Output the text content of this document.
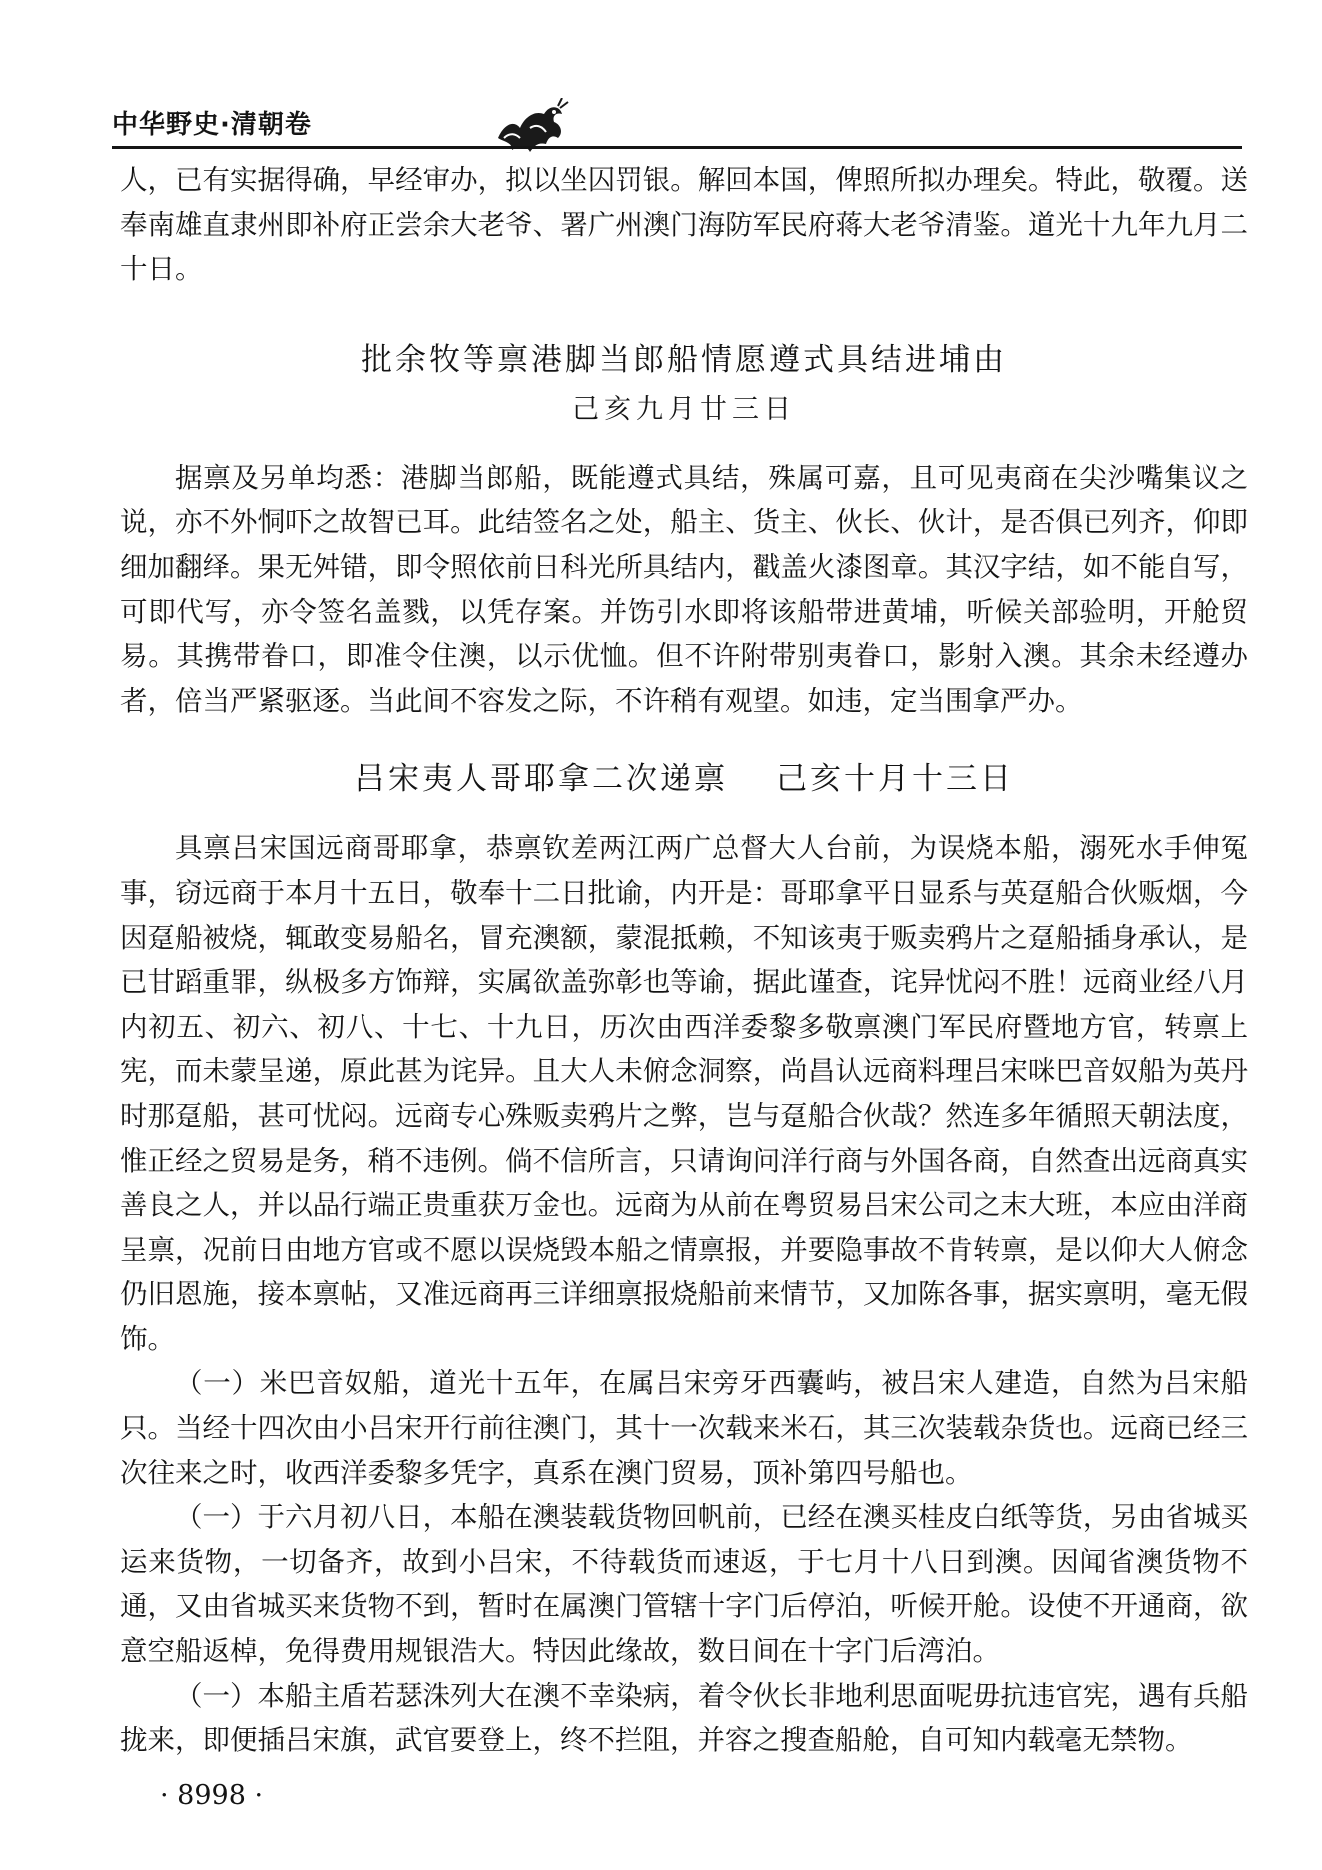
中华野史·清朝卷

人，已有实据得确，早经审办，拟以坐囚罚银。解回本国，俾照所拟办理矣。特此，敬覆。送奉南雄直隶州即补府正尝余大老爷、署广州澳门海防军民府蒋大老爷清鉴。道光十九年九月二十日。

批余牧等禀港脚当郎船情愿遵式具结进埔由

己亥九月廿三日

据禀及另单均悉：港脚当郎船，既能遵式具结，殊属可嘉，且可见夷商在尖沙嘴集议之说，亦不外恫吓之故智已耳。此结签名之处，船主、货主、伙长、伙计，是否俱已列齐，仰即细加翻绎。果无舛错，即令照依前日科光所具结内，戳盖火漆图章。其汉字结，如不能自写，可即代写，亦令签名盖戮，以凭存案。并饬引水即将该船带进黄埔，听候关部验明，开舱贸易。其携带眷口，即准令住澳，以示优恤。但不许附带别夷眷口，影射入澳。其余未经遵办者，倍当严紧驱逐。当此间不容发之际，不许稍有观望。如违，定当围拿严办。

吕宋夷人哥耶拿二次递禀 己亥十月十三日

具禀吕宋国远商哥耶拿，恭禀钦差两江两广总督大人台前，为误烧本船，溺死水手伸冤事，窃远商于本月十五日，敬奉十二日批谕，内开是：哥耶拿平日显系与英趸船合伙贩烟，今因趸船被烧，辄敢变易船名，冒充澳额，蒙混抵赖，不知该夷于贩卖鸦片之趸船插身承认，是已甘蹈重罪，纵极多方饰辩，实属欲盖弥彰也等谕，据此谨查，诧异忧闷不胜！远商业经八月内初五、初六、初八、十七、十九日，历次由西洋委黎多敬禀澳门军民府暨地方官，转禀上宪，而未蒙呈递，原此甚为诧异。且大人未俯念洞察，尚昌认远商料理吕宋咪巴音奴船为英丹时那趸船，甚可忧闷。远商专心殊贩卖鸦片之弊，岂与趸船合伙哉？然连多年循照天朝法度，惟正经之贸易是务，稍不违例。倘不信所言，只请询问洋行商与外国各商，自然查出远商真实善良之人，并以品行端正贵重获万金也。远商为从前在粤贸易吕宋公司之末大班，本应由洋商呈禀，况前日由地方官或不愿以误烧毁本船之情禀报，并要隐事故不肯转禀，是以仰大人俯念仍旧恩施，接本禀帖，又准远商再三详细禀报烧船前来情节，又加陈各事，据实禀明，毫无假饰。

（一）米巴音奴船，道光十五年，在属吕宋旁牙西囊屿，被吕宋人建造，自然为吕宋船只。当经十四次由小吕宋开行前往澳门，其十一次载来米石，其三次装载杂货也。远商已经三次往来之时，收西洋委黎多凭字，真系在澳门贸易，顶补第四号船也。

（一）于六月初八日，本船在澳装载货物回帆前，已经在澳买桂皮白纸等货，另由省城买运来货物，一切备齐，故到小吕宋，不待载货而速返，于七月十八日到澳。因闻省澳货物不通，又由省城买来货物不到，暂时在属澳门管辖十字门后停泊，听候开舱。设使不开通商，欲意空船返棹，免得费用规银浩大。特因此缘故，数日间在十字门后湾泊。

（一）本船主盾若瑟洙列大在澳不幸染病，着令伙长非地利思面呢毋抗违官宪，遇有兵船拢来，即便插吕宋旗，武官要登上，终不拦阻，并容之搜查船舱，自可知内载毫无禁物。

· 8998 ·
